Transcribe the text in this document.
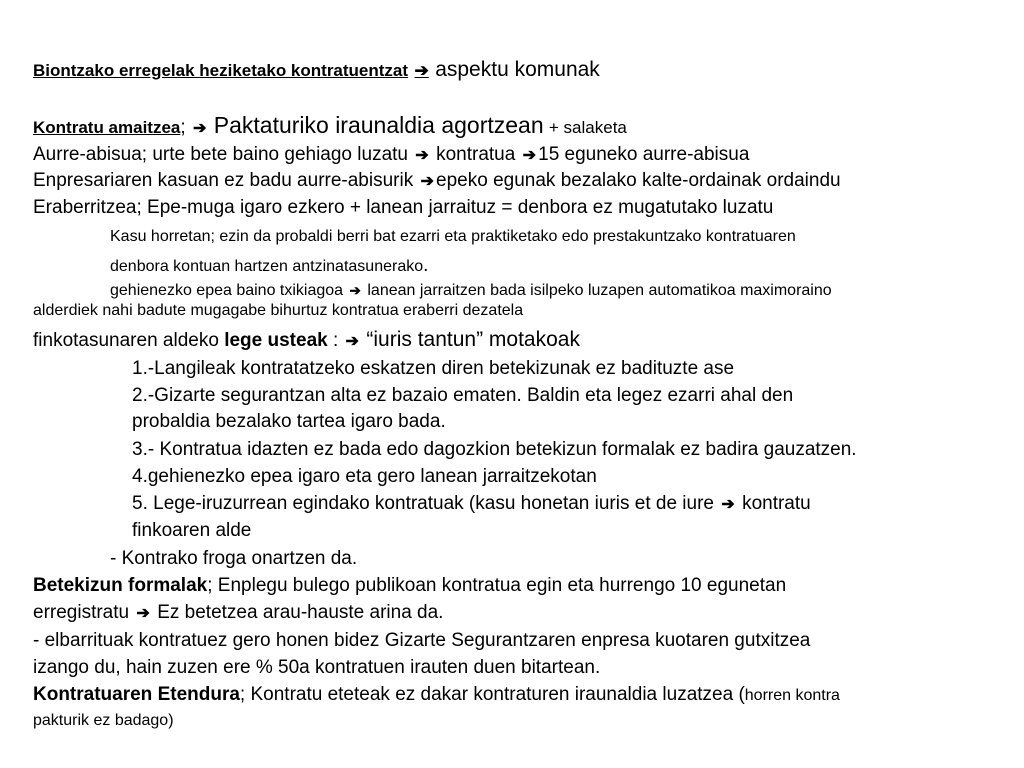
Biontzako erregelak heziketako kontratuentzat ➔ aspektu komunak
Kontratu amaitzea; ➔ Paktaturiko iraunaldia agortzean + salaketa
Aurre-abisua; urte bete baino gehiago luzatu ➔ kontratua ➔ 15 eguneko aurre-abisua
Enpresariaren kasuan ez badu aurre-abisurik ➔ epeko egunak bezalako kalte-ordainak ordaindu
Eraberritzea; Epe-muga igaro ezkero + lanean jarraituz = denbora ez mugatutako luzatu
Kasu horretan; ezin da probaldi berri bat ezarri eta praktiketako edo prestakuntzako kontratuaren
denbora kontuan hartzen antzinatasunerako.
gehienezko epea baino txikiagoa ➔ lanean jarraitzen bada isilpeko luzapen automatikoa maximoraino
alderdiek nahi badute mugagabe bihurtuz kontratua eraberri dezatela
finkotasunaren aldeko lege usteak : ➔ “iuris tantun” motakoak
1.-Langileak kontratatzeko eskatzen diren betekizunak ez badituzte ase
2.-Gizarte segurantzan alta ez bazaio ematen. Baldin eta legez ezarri ahal den
probaldia bezalako tartea igaro bada.
3.- Kontratua idazten ez bada edo dagozkion betekizun formalak ez badira gauzatzen.
4.gehienezko epea igaro eta gero lanean jarraitzekotan
5. Lege-iruzurrean egindako kontratuak (kasu honetan iuris et de iure ➔ kontratu
finkoaren alde
- Kontrako froga onartzen da.
Betekizun formalak; Enplegu bulego publikoan kontratua egin eta hurrengo 10 egunetan
erregistratu ➔ Ez betetzea arau-hauste arina da.
- elbarrituak kontratuez gero honen bidez Gizarte Segurantzaren enpresa kuotaren gutxitzea
izango du, hain zuzen ere % 50a kontratuen irauten duen bitartean.
Kontratuaren Etendura; Kontratu eteteak ez dakar kontraturen iraunaldia luzatzea (horren kontra
pakturik ez badago)
